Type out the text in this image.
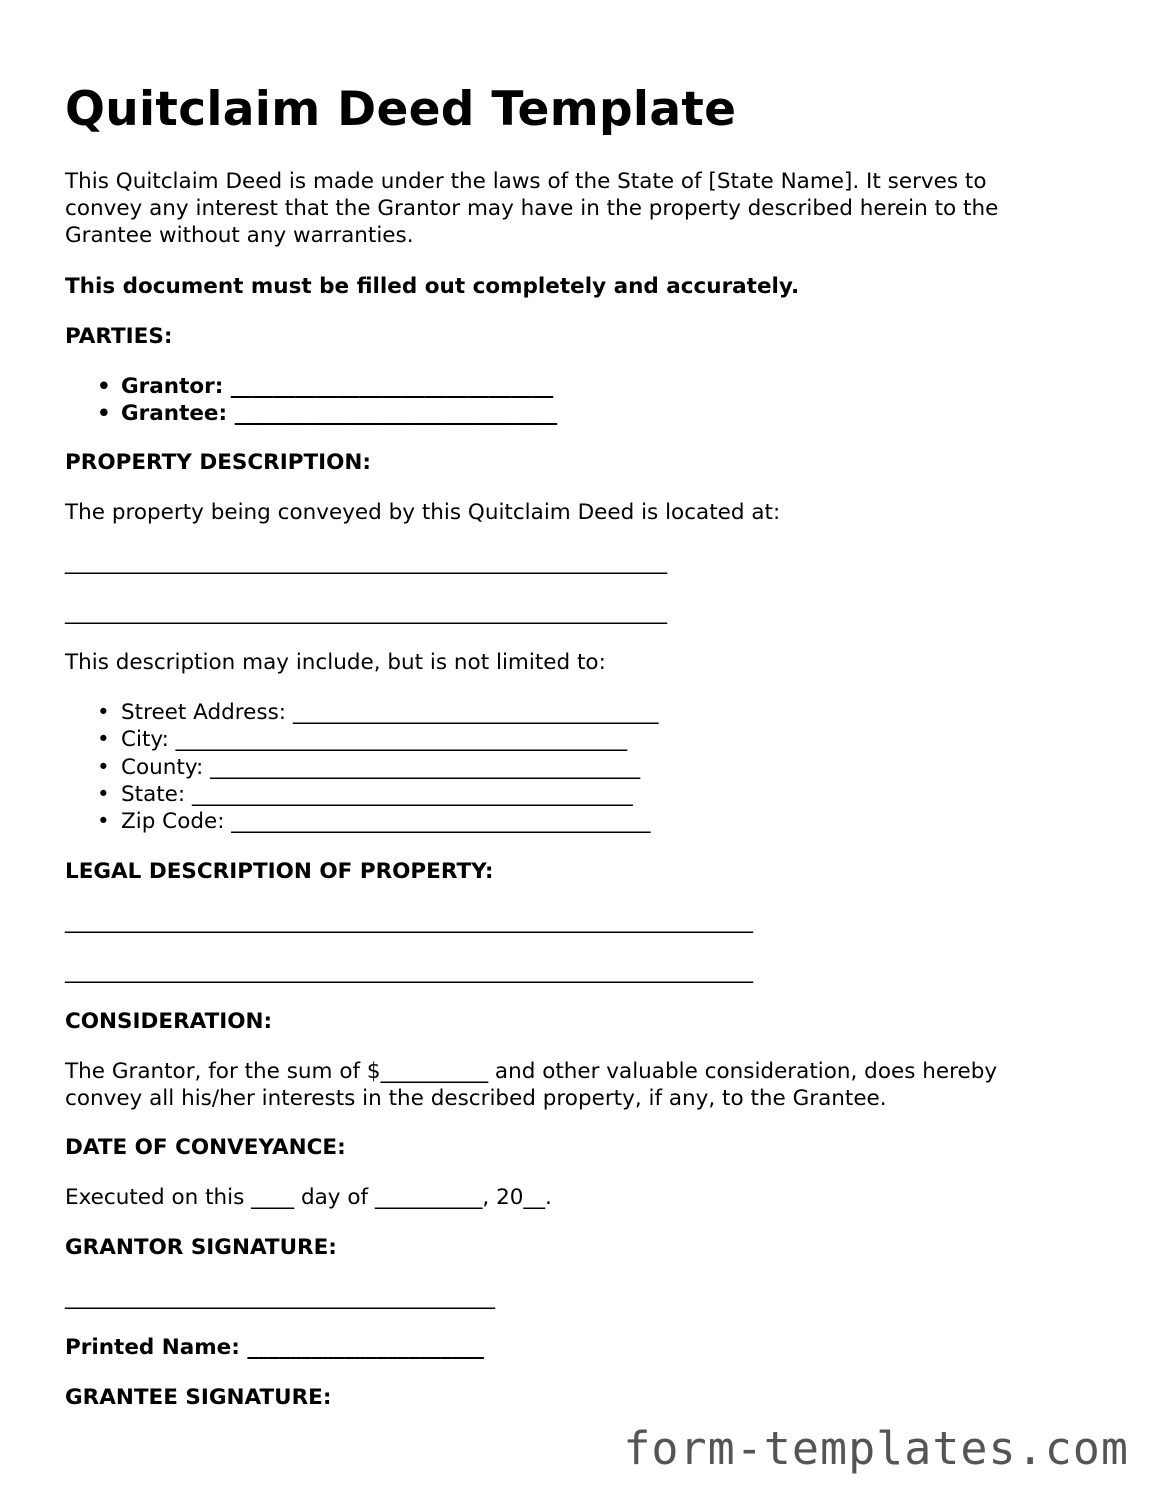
Quitclaim Deed Template

This Quitclaim Deed is made under the laws of the State of [State Name]. It serves to

convey any interest that the Grantor may have in the property described herein to the

Grantee without any warranties.

This document must be filled out completely and accurately.

PARTIES:

• Grantor: ______________________________
• Grantee: ______________________________

PROPERTY DESCRIPTION:

The property being conveyed by this Quitclaim Deed is located at:

________________________________________________________

________________________________________________________

This description may include, but is not limited to:

• Street Address: __________________________________
• City: __________________________________________
• County: ________________________________________
• State: _________________________________________
• Zip Code: _______________________________________

LEGAL DESCRIPTION OF PROPERTY:

________________________________________________________________

________________________________________________________________

CONSIDERATION:

The Grantor, for the sum of $__________ and other valuable consideration, does hereby

convey all his/her interests in the described property, if any, to the Grantee.

DATE OF CONVEYANCE:

Executed on this ____ day of __________, 20__.

GRANTOR SIGNATURE:

________________________________________

Printed Name: ______________________

GRANTEE SIGNATURE:

form-templates.com
